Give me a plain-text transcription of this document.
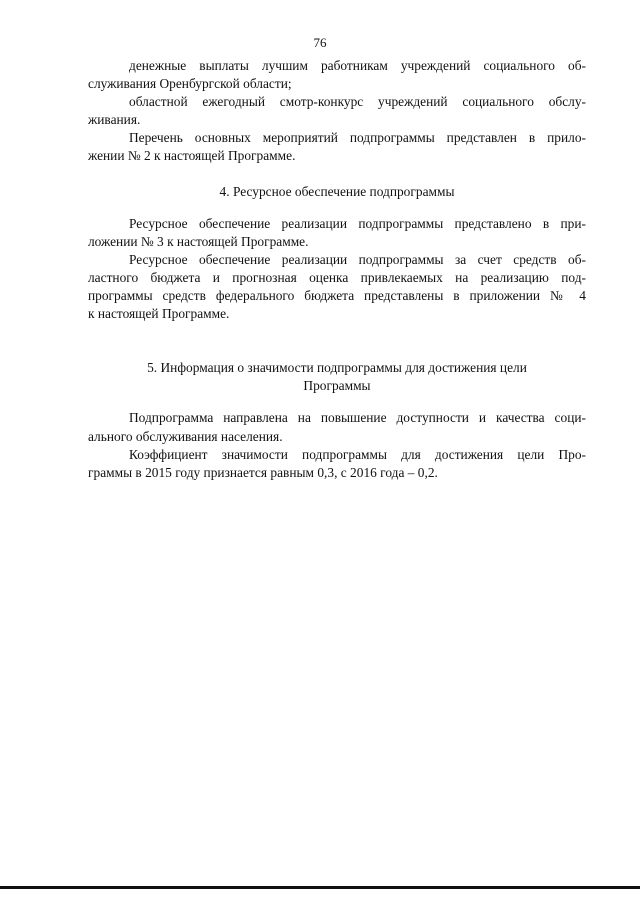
76
денежные выплаты лучшим работникам учреждений социального об-
служивания Оренбургской области;
областной ежегодный смотр-конкурс учреждений социального обслу-
живания.
Перечень основных мероприятий подпрограммы представлен в прило-
жении № 2 к настоящей Программе.
4. Ресурсное обеспечение подпрограммы
Ресурсное обеспечение реализации подпрограммы представлено в при-
ложении № 3 к настоящей Программе.
Ресурсное обеспечение реализации подпрограммы за счет средств об-
ластного бюджета и прогнозная оценка привлекаемых на реализацию под-
программы средств федерального бюджета представлены в приложении № 4
к настоящей Программе.
5. Информация о значимости подпрограммы для достижения цели
Программы
Подпрограмма направлена на повышение доступности и качества соци-
ального обслуживания населения.
Коэффициент значимости подпрограммы для достижения цели Про-
граммы в 2015 году признается равным 0,3, с 2016 года – 0,2.
